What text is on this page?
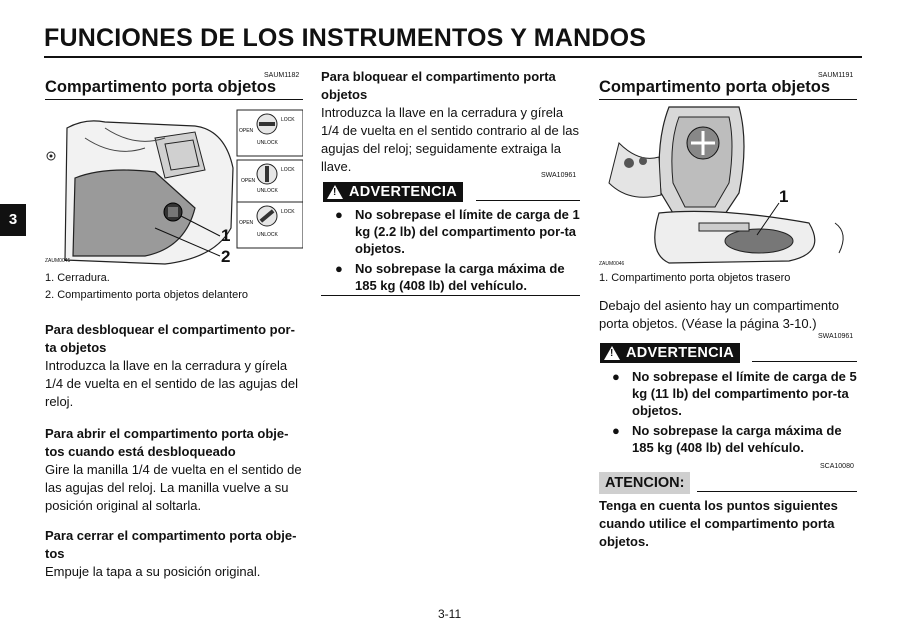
FUNCIONES DE LOS INSTRUMENTOS Y MANDOS
3
SAUM1182
Compartimento porta objetos
OPEN
LOCK
UNLOCK
OPEN
LOCK
UNLOCK
OPEN
LOCK
UNLOCK
1
2
ZAUM0045
1. Cerradura.
2. Compartimento porta objetos delantero
Para desbloquear el compartimento por-
ta objetos
Introduzca la llave en la cerradura y gírela 1/4 de vuelta en el sentido de las agujas del reloj.
Para abrir el compartimento porta obje-
tos cuando está desbloqueado
Gire la manilla 1/4 de vuelta en el sentido de las agujas del reloj. La manilla vuelve a su posición original al soltarla.
Para cerrar el compartimento porta obje-
tos
Empuje la tapa a su posición original.
Para bloquear el compartimento porta
objetos
Introduzca la llave en la cerradura y gírela 1/4 de vuelta en el sentido contrario al de las agujas del reloj; seguidamente extraiga la llave.
SWA10961
! ADVERTENCIA
● No sobrepase el límite de carga de 1 kg (2.2 lb) del compartimento por-ta objetos.
● No sobrepase la carga máxima de 185 kg (408 lb) del vehículo.
SAUM1191
Compartimento porta objetos
1
ZAUM0046
1. Compartimento porta objetos trasero
Debajo del asiento hay un compartimento porta objetos. (Véase la página 3-10.)
SWA10961
! ADVERTENCIA
● No sobrepase el límite de carga de 5 kg (11 lb) del compartimento por-ta objetos.
● No sobrepase la carga máxima de 185 kg (408 lb) del vehículo.
SCA10080
ATENCION:
Tenga en cuenta los puntos siguientes cuando utilice el compartimento porta objetos.
3-11
